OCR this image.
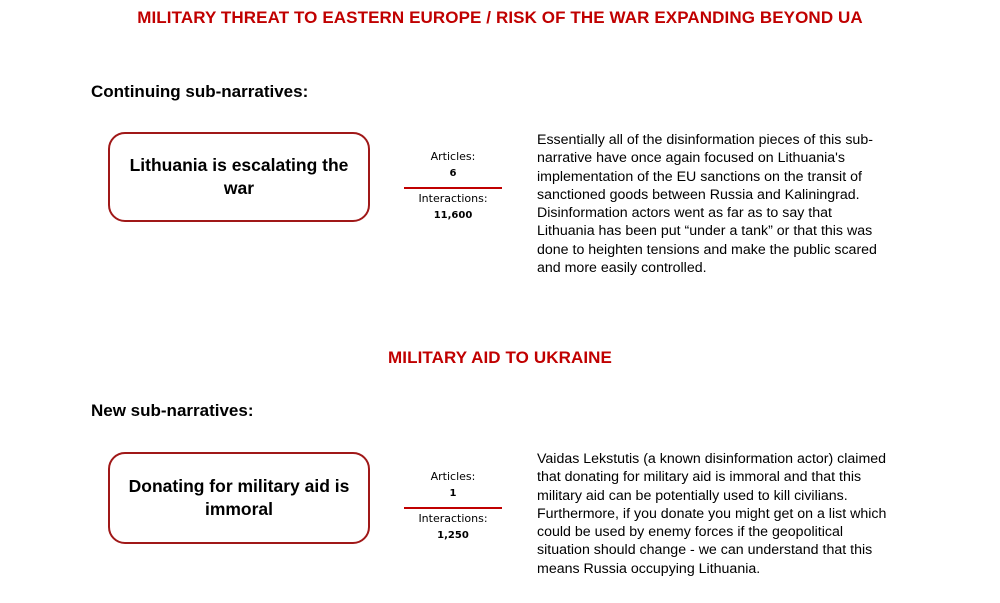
MILITARY THREAT TO EASTERN EUROPE / RISK OF THE WAR EXPANDING BEYOND UA
Continuing sub-narratives:
Lithuania is escalating the war
Articles:
6
Interactions:
11,600
Essentially all of the disinformation pieces of this sub-narrative have once again focused on Lithuania's implementation of the EU sanctions on the transit of sanctioned goods between Russia and Kaliningrad. Disinformation actors went as far as to say that Lithuania has been put “under a tank” or that this was done to heighten tensions and make the public scared and more easily controlled.
MILITARY AID TO UKRAINE
New sub-narratives:
Donating for military aid is immoral
Articles:
1
Interactions:
1,250
Vaidas Lekstutis (a known disinformation actor) claimed that donating for military aid is immoral and that this military aid can be potentially used to kill civilians. Furthermore, if you donate you might get on a list which could be used by enemy forces if the geopolitical situation should change - we can understand that this means Russia occupying Lithuania.
